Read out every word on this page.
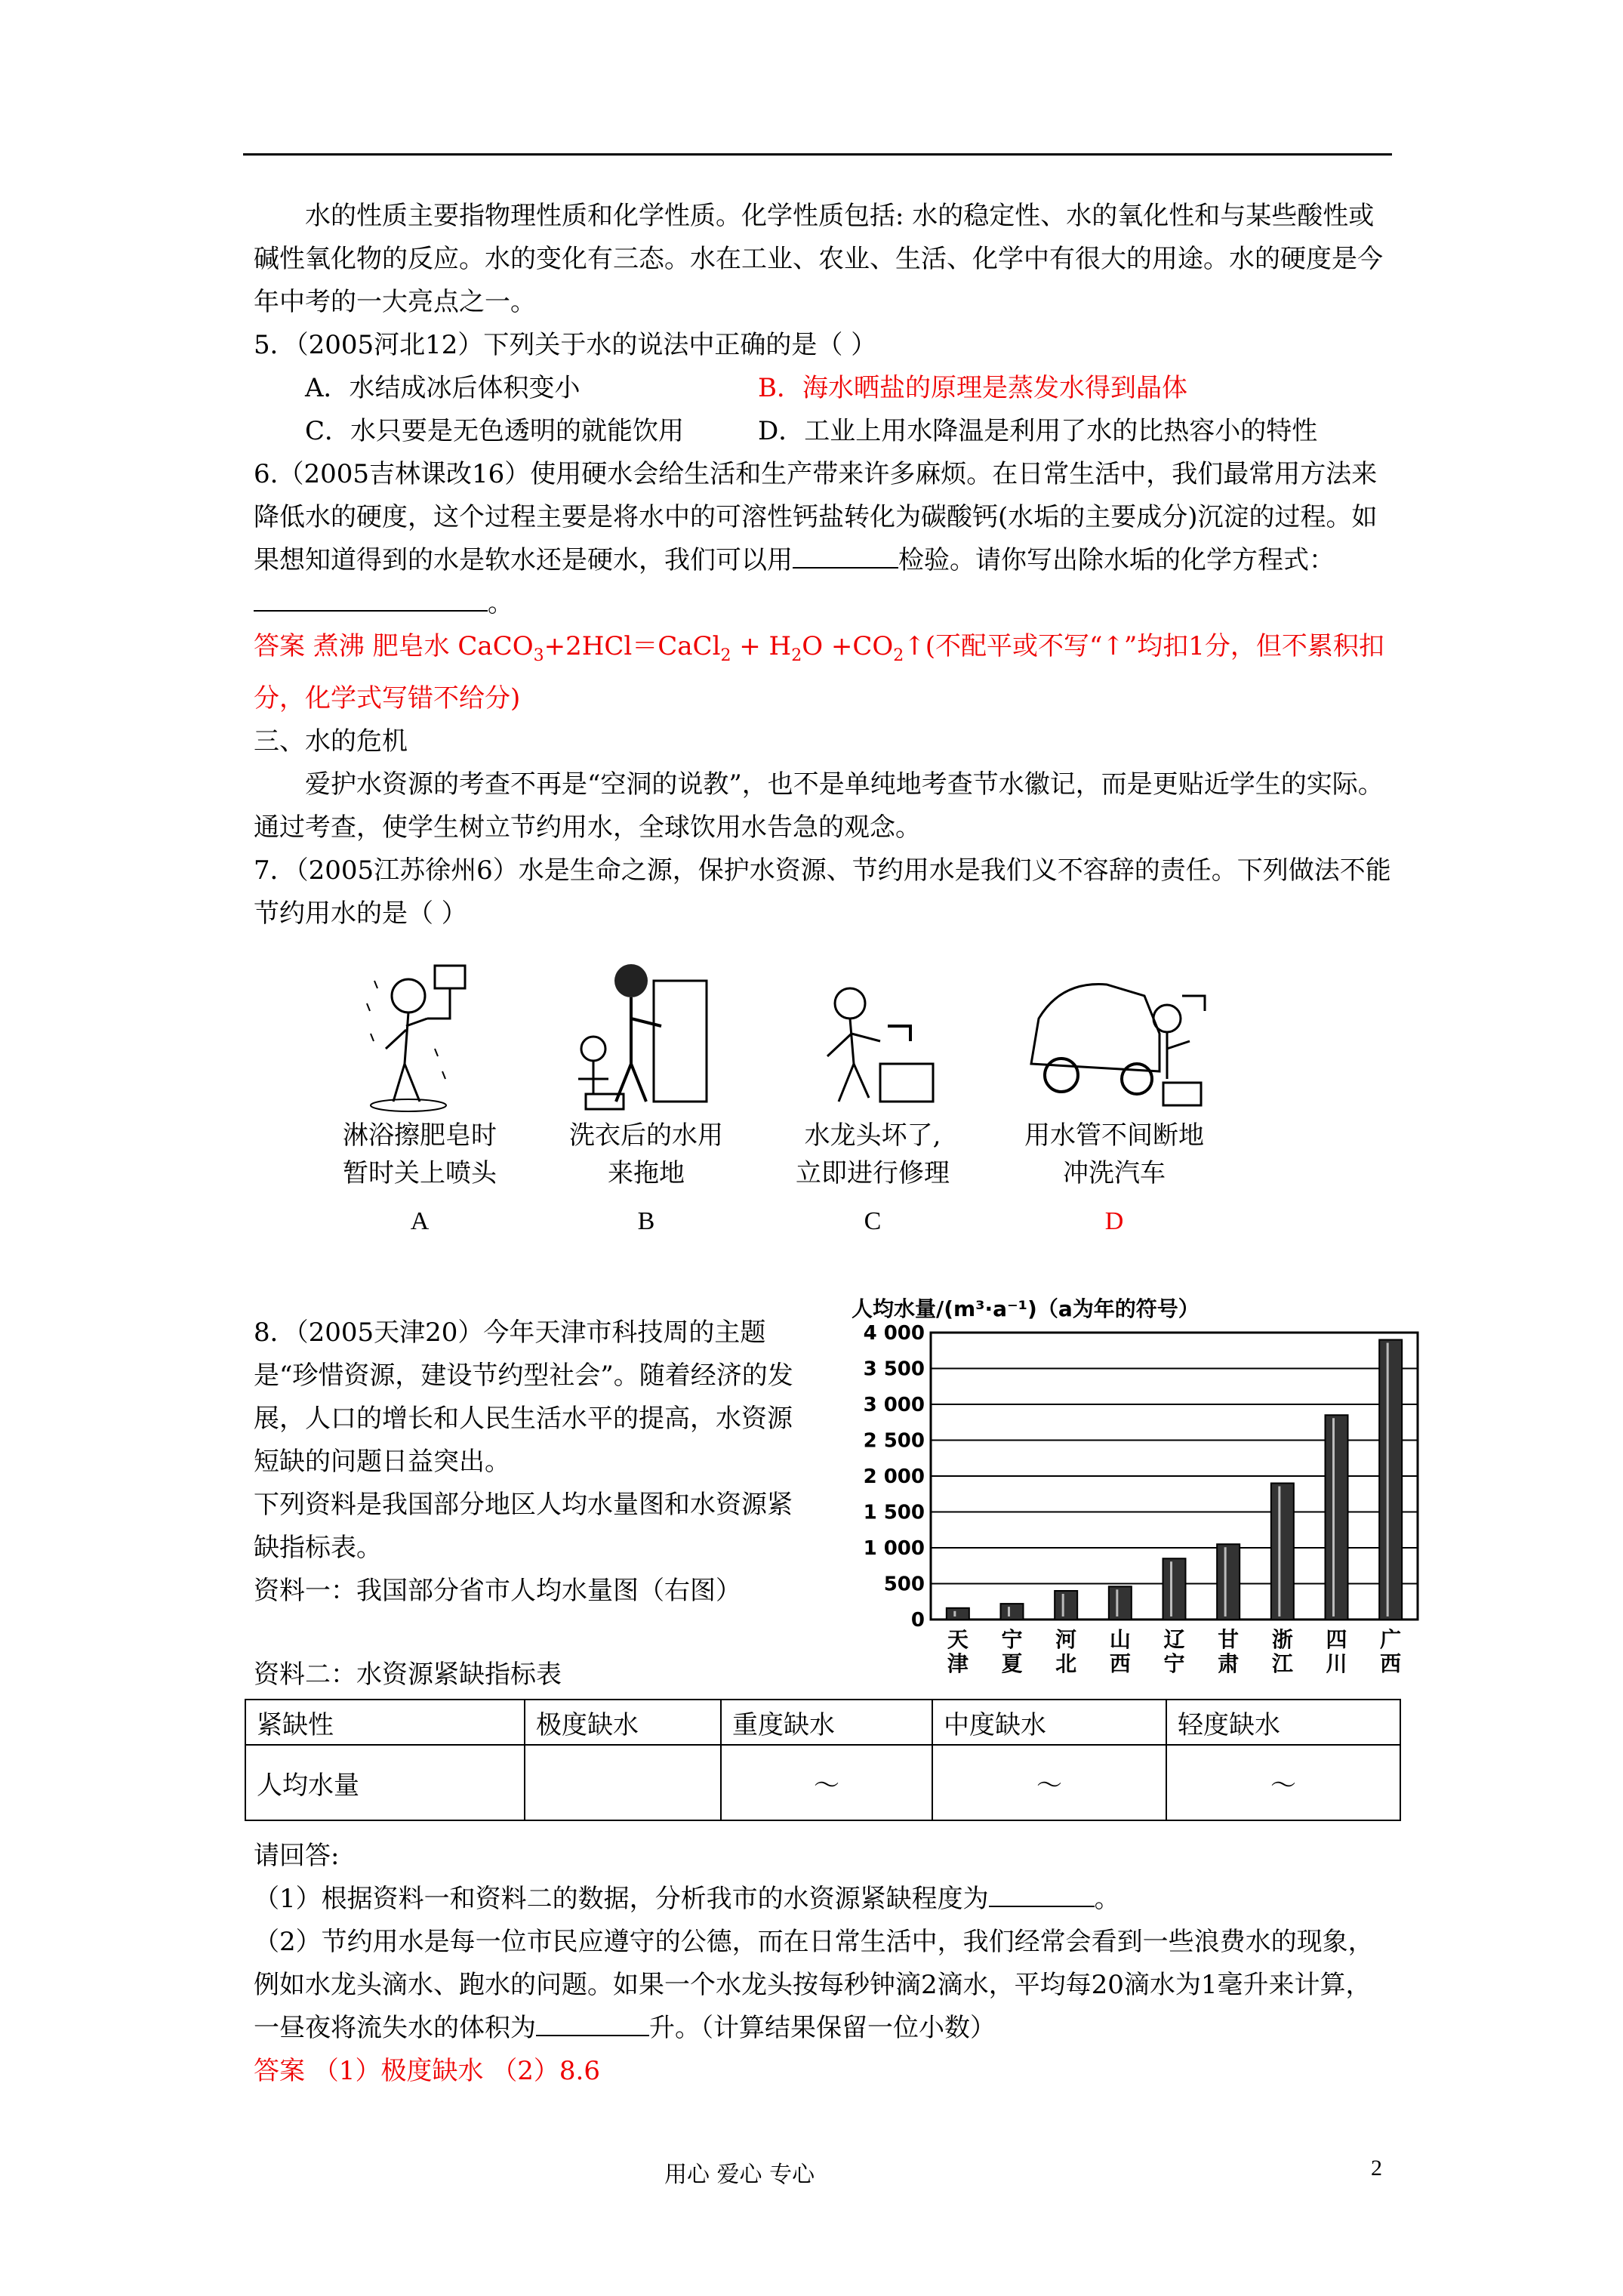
水的性质主要指物理性质和化学性质。化学性质包括: 水的稳定性、水的氧化性和与某些酸性或碱性氧化物的反应。水的变化有三态。水在工业、农业、生活、化学中有很大的用途。水的硬度是今年中考的一大亮点之一。

5．（2005河北12）下列关于水的说法中正确的是（ ）

A．水结成冰后体积变小	B．海水晒盐的原理是蒸发水得到晶体
C．水只要是无色透明的就能饮用	D．工业上用水降温是利用了水的比热容小的特性

6.（2005吉林课改16）使用硬水会给生活和生产带来许多麻烦。在日常生活中，我们最常用方法来降低水的硬度，这个过程主要是将水中的可溶性钙盐转化为碳酸钙(水垢的主要成分)沉淀的过程。如果想知道得到的水是软水还是硬水，我们可以用	检验。请你写出除水垢的化学方程式：。

答案 煮沸 肥皂水 CaCO$_3$+2HCl＝CaCl$_2$ + $H_2O$ $+CO_2↑$(不配平或不写“↑”均扣1分，但不累积扣分，化学式写错不给分)

三、水的危机

爱护水资源的考查不再是“空洞的说教”，也不是单纯地考查节水徽记，而是更贴近学生的实际。通过考查，使学生树立节约用水，全球饮用水告急的观念。

7．（2005江苏徐州6）水是生命之源，保护水资源、节约用水是我们义不容辞的责任。下列做法不能节约用水的是（ ）

淋浴擦肥皂时
暂时关上喷头
A
洗衣后的水用
来拖地
B
水龙头坏了,
立即进行修理
C
用水管不间断地
冲洗汽车
D

8．（2005天津20）今年天津市科技周的主题是“珍惜资源，建设节约型社会”。随着经济的发展，人口的增长和人民生活水平的提高，水资源短缺的问题日益突出。

下列资料是我国部分地区人均水量图和水资源紧缺指标表。

资料一：我国部分省市人均水量图（右图）

人均水量/(m³·a⁻¹)（a为年的符号）
0
500
1 000
1 500
2 000
2 500
3 000
3 500
4 000
天
津
宁
夏
河
北
山
西
辽
宁
甘
肃
浙
江
四
川
广
西
资料二：水资源紧缺指标表
紧缺性	极度缺水	重度缺水	中度缺水	轻度缺水
人均水量		～	～	～

请回答:

（1）根据资料一和资料二的数据，分析我市的水资源紧缺程度为	。

（2）节约用水是每一位市民应遵守的公德，而在日常生活中，我们经常会看到一些浪费水的现象，例如水龙头滴水、跑水的问题。如果一个水龙头按每秒钟滴2滴水，平均每20滴水为1毫升来计算，一昼夜将流失水的体积为	升。（计算结果保留一位小数）

答案 （1）极度缺水 （2）8.6

用心 爱心 专心	2
